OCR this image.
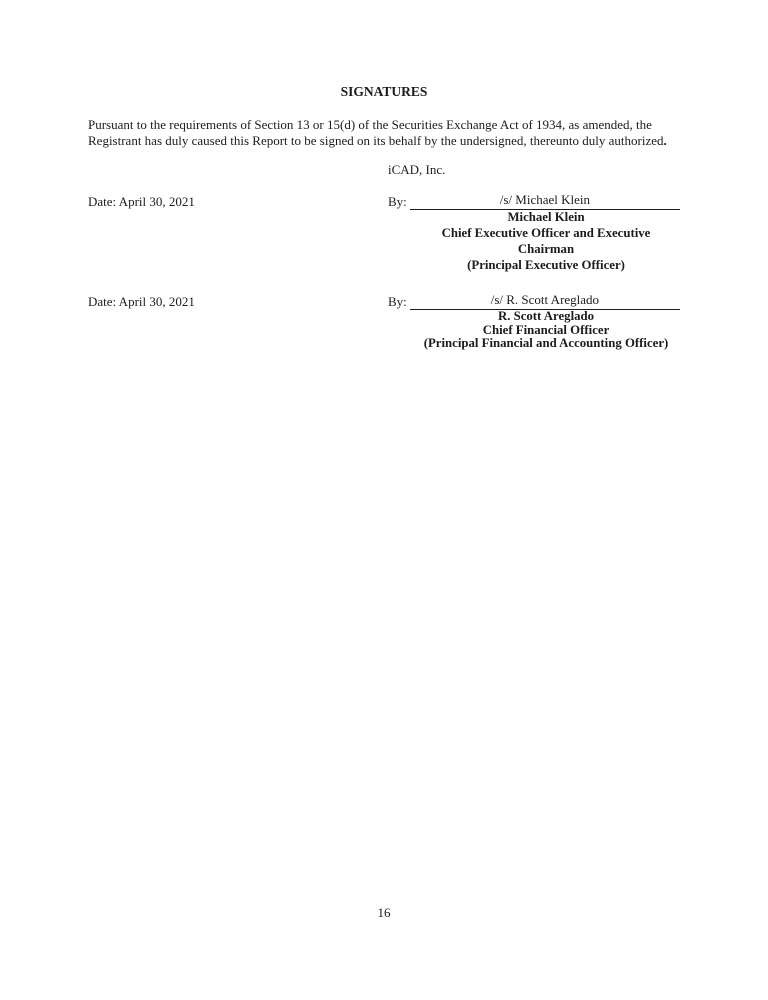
SIGNATURES
Pursuant to the requirements of Section 13 or 15(d) of the Securities Exchange Act of 1934, as amended, the
Registrant has duly caused this Report to be signed on its behalf by the undersigned, thereunto duly authorized.
iCAD, Inc.
Date: April 30, 2021	By:	/s/ Michael Klein
Michael Klein
Chief Executive Officer and Executive
Chairman
(Principal Executive Officer)
Date: April 30, 2021	By:	/s/ R. Scott Areglado
R. Scott Areglado
Chief Financial Officer
(Principal Financial and Accounting Officer)
16
